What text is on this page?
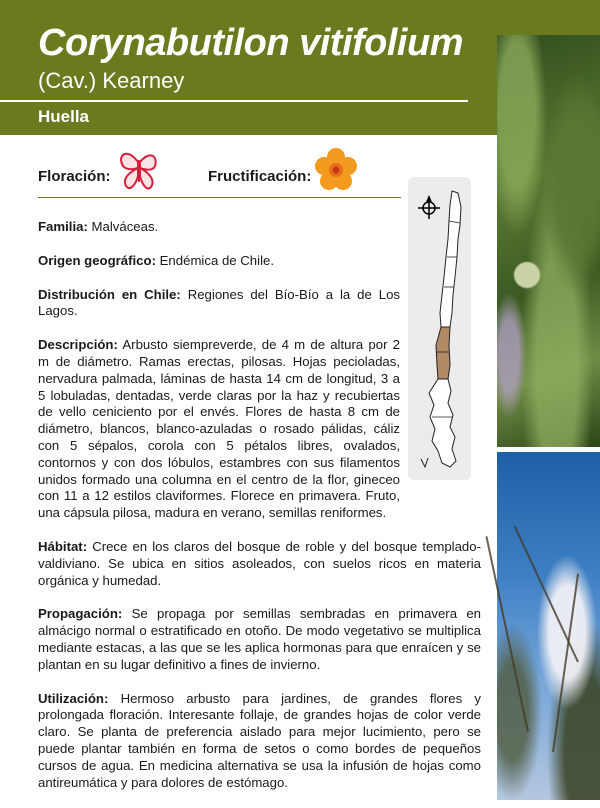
Corynabutilon vitifolium
(Cav.) Kearney
Huella
Floración:	Fructificación:

Familia: Malváceas.

Origen geográfico: Endémica de Chile.

Distribución en Chile: Regiones del Bío-Bío a la de Los Lagos.

Descripción: Arbusto siempreverde, de 4 m de altura por 2 m de diámetro. Ramas erectas, pilosas. Hojas pecioladas, nervadura palmada, láminas de hasta 14 cm de longitud, 3 a 5 lobuladas, dentadas, verde claras por la haz y recubiertas de vello ceniciento por el envés. Flores de hasta 8 cm de diámetro, blancos, blanco-azuladas o rosado pálidas, cáliz con 5 sépalos, corola con 5 pétalos libres, ovalados, contornos y con dos lóbulos, estambres con sus filamentos unidos formado una columna en el centro de la flor, gineceo con 11 a 12 estilos claviformes. Florece en primavera. Fruto, una cápsula pilosa, madura en verano, semillas reniformes.

Hábitat: Crece en los claros del bosque de roble y del bosque templado-valdiviano. Se ubica en sitios asoleados, con suelos ricos en materia orgánica y humedad.

Propagación: Se propaga por semillas sembradas en primavera en almácigo normal o estratificado en otoño. De modo vegetativo se multiplica mediante estacas, a las que se les aplica hormonas para que enraícen y se plantan en su lugar definitivo a fines de invierno.

Utilización: Hermoso arbusto para jardines, de grandes flores y prolongada floración. Interesante follaje, de grandes hojas de color verde claro. Se planta de preferencia aislado para mejor lucimiento, pero se puede plantar también en forma de setos o como bordes de pequeños cursos de agua. En medicina alternativa se usa la infusión de hojas como antireumática y para dolores de estómago.
